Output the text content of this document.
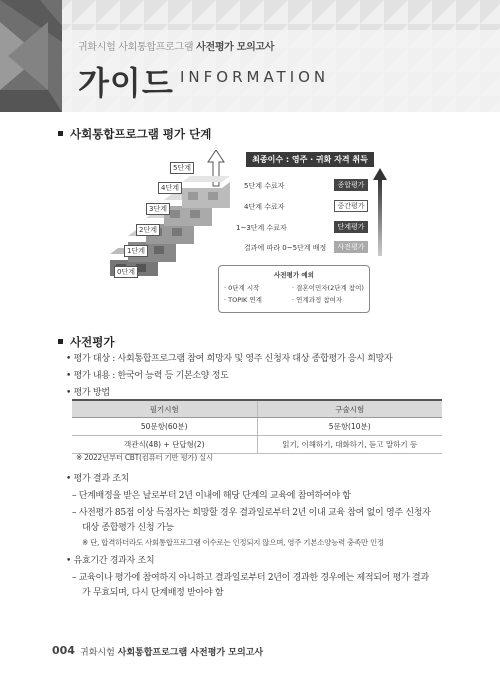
귀화시험 사회통합프로그램 사전평가 모의고사
가이드 INFORMATION
사회통합프로그램 평가 단계
5단계
4단계
3단계
2단계
1단계
0단계
최종이수 : 영주 · 귀화 자격 취득
5단계 수료자	종합평가
4단계 수료자	중간평가
1~3단계 수료자	단계평가
결과에 따라 0~5단계 배정	사전평가
사전평가 예외
· 0단계 시작	· 결혼이민자(2단계 참여)
· TOPIK 연계	· 연계과정 참여자
사전평가
• 평가 대상 : 사회통합프로그램 참여 희망자 및 영주 신청자 대상 종합평가 응시 희망자
• 평가 내용 : 한국어 능력 등 기본소양 정도
• 평가 방법
필기시험	구술시험
50문항(60분)	5문항(10분)
객관식(48) + 단답형(2)	읽기, 이해하기, 대화하기, 듣고 말하기 등
※ 2022년부터 CBT(컴퓨터 기반 평가) 실시
• 평가 결과 조치
– 단계배정을 받은 날로부터 2년 이내에 해당 단계의 교육에 참여하여야 함
– 사전평가 85점 이상 득점자는 희망할 경우 결과일로부터 2년 이내 교육 참여 없이 영주 신청자
대상 종합평가 신청 가능
※ 단, 합격하더라도 사회통합프로그램 이수로는 인정되지 않으며, 영주 기본소양능력 충족만 인정
• 유효기간 경과자 조치
– 교육이나 평가에 참여하지 아니하고 결과일로부터 2년이 경과한 경우에는 제적되어 평가 결과
가 무효되며, 다시 단계배정 받아야 함
004 귀화시험 사회통합프로그램 사전평가 모의고사
